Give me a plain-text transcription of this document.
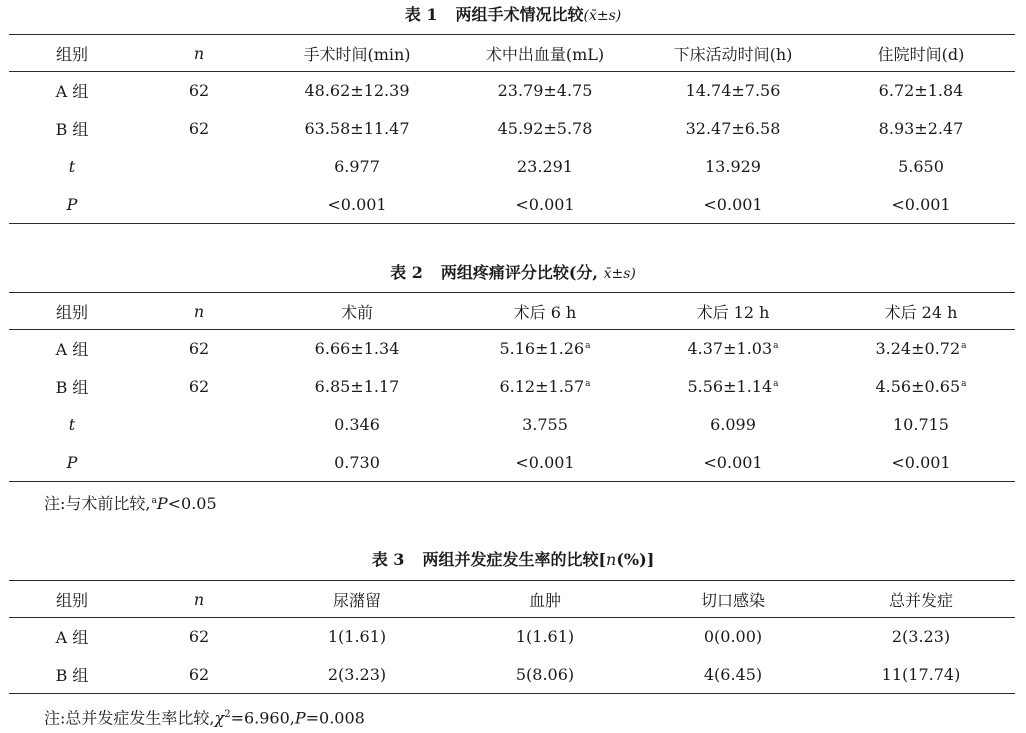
表 1 两组手术情况比较(x̄±s)
组别	n	手术时间(min)	术中出血量(mL)	下床活动时间(h)	住院时间(d)
A 组	62	48.62±12.39	23.79±4.75	14.74±7.56	6.72±1.84
B 组	62	63.58±11.47	45.92±5.78	32.47±6.58	8.93±2.47
t		6.977	23.291	13.929	5.650
P		<0.001	<0.001	<0.001	<0.001
表 2 两组疼痛评分比较(分, x̄±s)
组别	n	术前	术后 6 h	术后 12 h	术后 24 h
A 组	62	6.66±1.34	5.16±1.26$^a$	4.37±1.03$^a$	3.24±0.72$^a$
B 组	62	6.85±1.17	6.12±1.57$^a$	5.56±1.14$^a$	4.56±0.65$^a$
t		0.346	3.755	6.099	10.715
P		0.730	<0.001	<0.001	<0.001
注:与术前比较,$^a$P<0.05
表 3 两组并发症发生率的比较[n(%)]
组别	n	尿潴留	血肿	切口感染	总并发症
A 组	62	1(1.61)	1(1.61)	0(0.00)	2(3.23)
B 组	62	2(3.23)	5(8.06)	4(6.45)	11(17.74)
注:总并发症发生率比较$,\chi^2=6.960,P=0.008$
